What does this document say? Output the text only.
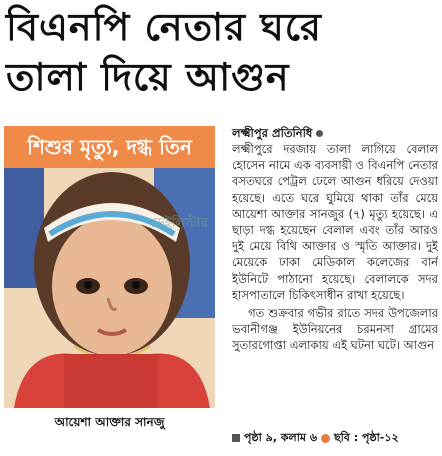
বিএনপি নেতার ঘরে
তালা দিয়ে আগুন
শিশুর মৃত্যু, দগ্ধ তিন
আয়েশা আক্তার সানজু
ডেইলিস্টার
লক্ষ্মীপুর প্রতিনিধি

লক্ষ্মীপুরে দরজায় তালা লাগিয়ে বেলাল হোসেন নামে এক ব্যবসায়ী ও বিএনপি নেতার বসতঘরে পেট্রল ঢেলে আগুন ধরিয়ে দেওয়া হয়েছে। এতে ঘরে ঘুমিয়ে থাকা তাঁর মেয়ে আয়েশা আক্তার সানজুর (৭) মৃত্যু হয়েছে। এ ছাড়া দগ্ধ হয়েছেন বেলাল এবং তাঁর আরও দুই মেয়ে বিথি আক্তার ও স্মৃতি আক্তার। দুই মেয়েকে ঢাকা মেডিকাল কলেজের বার্ন ইউনিটে পাঠানো হয়েছে। বেলালকে সদর হাসপাতালে চিকিৎসাধীন রাখা হয়েছে।

গত শুক্রবার গভীর রাতে সদর উপজেলার ভবানীগঞ্জ ইউনিয়নের চরমনসা গ্রামের সুতারগোপ্তা এলাকায় এই ঘটনা ঘটে। আগুন

পৃষ্ঠা ৯, কলাম ৬ ছবি : পৃষ্ঠা-১২
